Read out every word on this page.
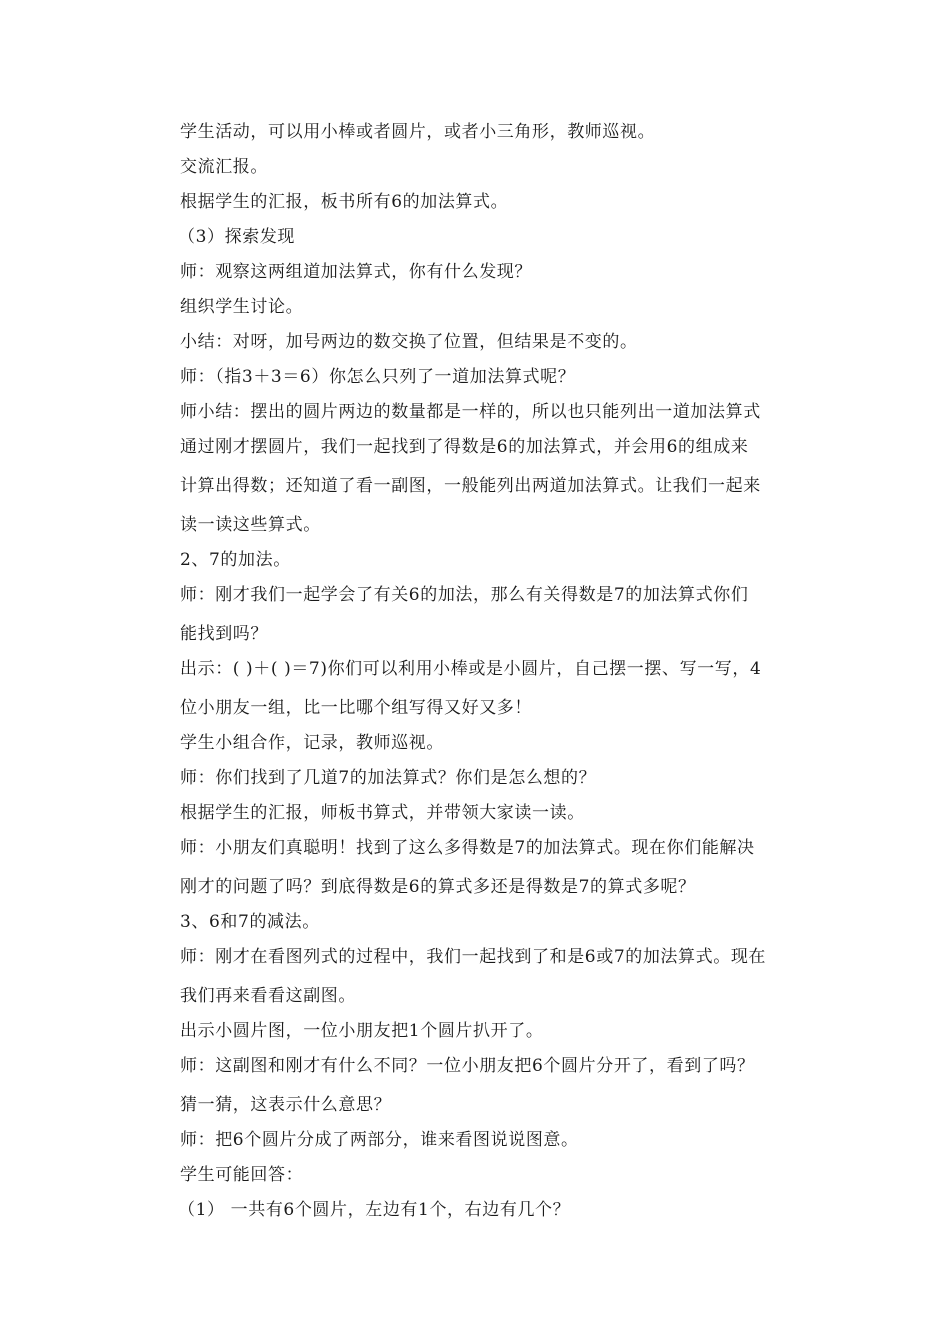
学生活动，可以用小棒或者圆片，或者小三角形，教师巡视。

交流汇报。

根据学生的汇报，板书所有6的加法算式。

（3）探索发现

师：观察这两组道加法算式，你有什么发现？

组织学生讨论。

小结：对呀，加号两边的数交换了位置，但结果是不变的。

师：（指3＋3＝6）你怎么只列了一道加法算式呢？

师小结：摆出的圆片两边的数量都是一样的，所以也只能列出一道加法算式

通过刚才摆圆片，我们一起找到了得数是6的加法算式，并会用6的组成来

计算出得数；还知道了看一副图，一般能列出两道加法算式。让我们一起来

读一读这些算式。

2、7的加法。

师：刚才我们一起学会了有关6的加法，那么有关得数是7的加法算式你们

能找到吗？

出示：( )＋( )＝7)你们可以利用小棒或是小圆片，自己摆一摆、写一写，4

位小朋友一组，比一比哪个组写得又好又多！

学生小组合作，记录，教师巡视。

师：你们找到了几道7的加法算式？你们是怎么想的？

根据学生的汇报，师板书算式，并带领大家读一读。

师：小朋友们真聪明！找到了这么多得数是7的加法算式。现在你们能解决

刚才的问题了吗？到底得数是6的算式多还是得数是7的算式多呢？

3、6和7的减法。

师：刚才在看图列式的过程中，我们一起找到了和是6或7的加法算式。现在

我们再来看看这副图。

出示小圆片图，一位小朋友把1个圆片扒开了。

师：这副图和刚才有什么不同？一位小朋友把6个圆片分开了，看到了吗？

猜一猜，这表示什么意思？

师：把6个圆片分成了两部分，谁来看图说说图意。

学生可能回答：

（1） 一共有6个圆片，左边有1个，右边有几个？
